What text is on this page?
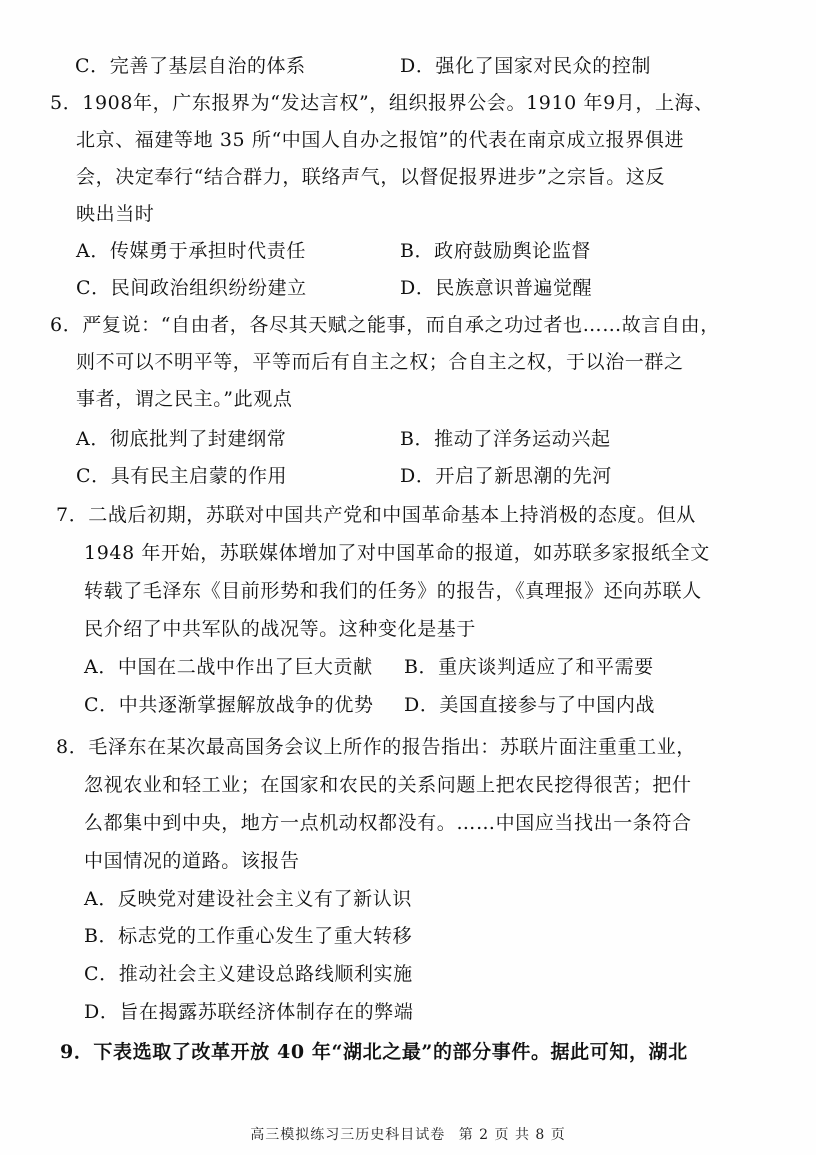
C．完善了基层自治的体系	D．强化了国家对民众的控制
5．1908年，广东报界为“发达言权”，组织报界公会。1910 年9月，上海、
北京、福建等地 35 所“中国人自办之报馆”的代表在南京成立报界俱进
会，决定奉行“结合群力，联络声气，以督促报界进步”之宗旨。这反
映出当时
A．传媒勇于承担时代责任	B．政府鼓励舆论监督
C．民间政治组织纷纷建立	D．民族意识普遍觉醒
6．严复说：“自由者，各尽其天赋之能事，而自承之功过者也……故言自由，
则不可以不明平等，平等而后有自主之权；合自主之权，于以治一群之
事者，谓之民主。”此观点
A．彻底批判了封建纲常	B．推动了洋务运动兴起
C．具有民主启蒙的作用	D．开启了新思潮的先河
7．二战后初期，苏联对中国共产党和中国革命基本上持消极的态度。但从
1948 年开始，苏联媒体增加了对中国革命的报道，如苏联多家报纸全文
转载了毛泽东《目前形势和我们的任务》的报告，《真理报》还向苏联人
民介绍了中共军队的战况等。这种变化是基于
A．中国在二战中作出了巨大贡献 B．重庆谈判适应了和平需要
C．中共逐渐掌握解放战争的优势 D．美国直接参与了中国内战
8．毛泽东在某次最高国务会议上所作的报告指出：苏联片面注重重工业，
忽视农业和轻工业；在国家和农民的关系问题上把农民挖得很苦；把什
么都集中到中央，地方一点机动权都没有。……中国应当找出一条符合
中国情况的道路。该报告
A．反映党对建设社会主义有了新认识
B．标志党的工作重心发生了重大转移
C．推动社会主义建设总路线顺利实施
D．旨在揭露苏联经济体制存在的弊端
9．下表选取了改革开放 40 年“湖北之最”的部分事件。据此可知，湖北
高三模拟练习三历史科目试卷 第 2 页 共 8 页
